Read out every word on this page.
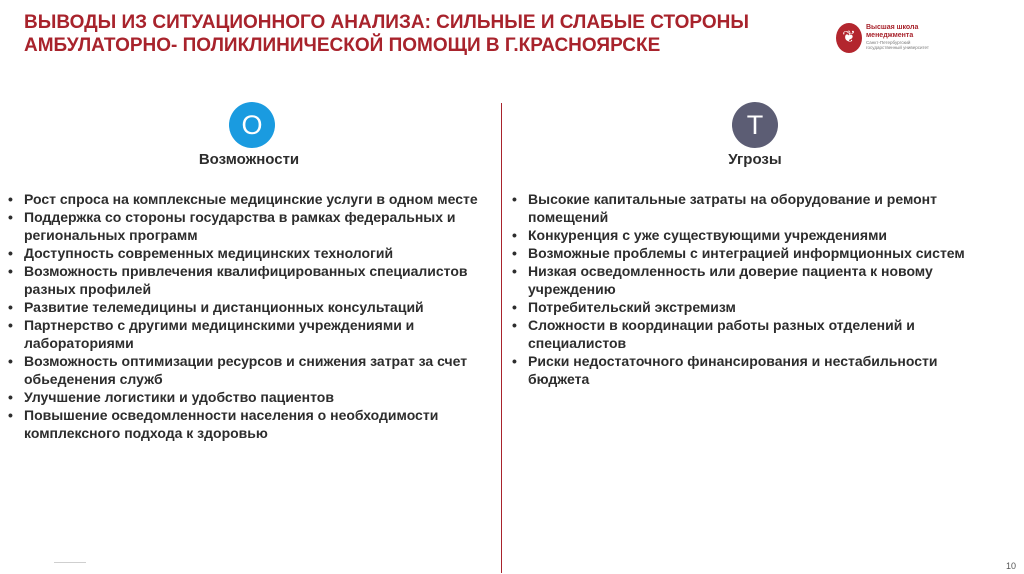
ВЫВОДЫ ИЗ СИТУАЦИОННОГО АНАЛИЗА: СИЛЬНЫЕ И СЛАБЫЕ СТОРОНЫ
АМБУЛАТОРНО- ПОЛИКЛИНИЧЕСКОЙ ПОМОЩИ В Г.КРАСНОЯРСКЕ	❦
Высшая школа
менеджмента
Санкт-Петербургский
государственный университет
O
Возможности
• Рост спроса на комплексные медицинские услуги в одном месте
• Поддержка со стороны государства в рамках федеральных и региональных программ
• Доступность современных медицинских технологий
• Возможность привлечения квалифицированных специалистов разных профилей
• Развитие телемедицины и дистанционных консультаций
• Партнерство с другими медицинскими учреждениями и лабораториями
• Возможность оптимизации ресурсов и снижения затрат за счет обьеденения служб
• Улучшение логистики и удобство пациентов
• Повышение осведомленности населения о необходимости комплексного подхода к здоровью
T
Угрозы
• Высокие капитальные затраты на оборудование и ремонт помещений
• Конкуренция с уже существующими учреждениями
• Возможные проблемы с интеграцией информционных систем
• Низкая осведомленность или доверие пациента к новому учреждению
• Потребительский экстремизм
• Сложности в координации работы разных отделений и специалистов
• Риски недостаточного финансирования и нестабильности бюджета
10
